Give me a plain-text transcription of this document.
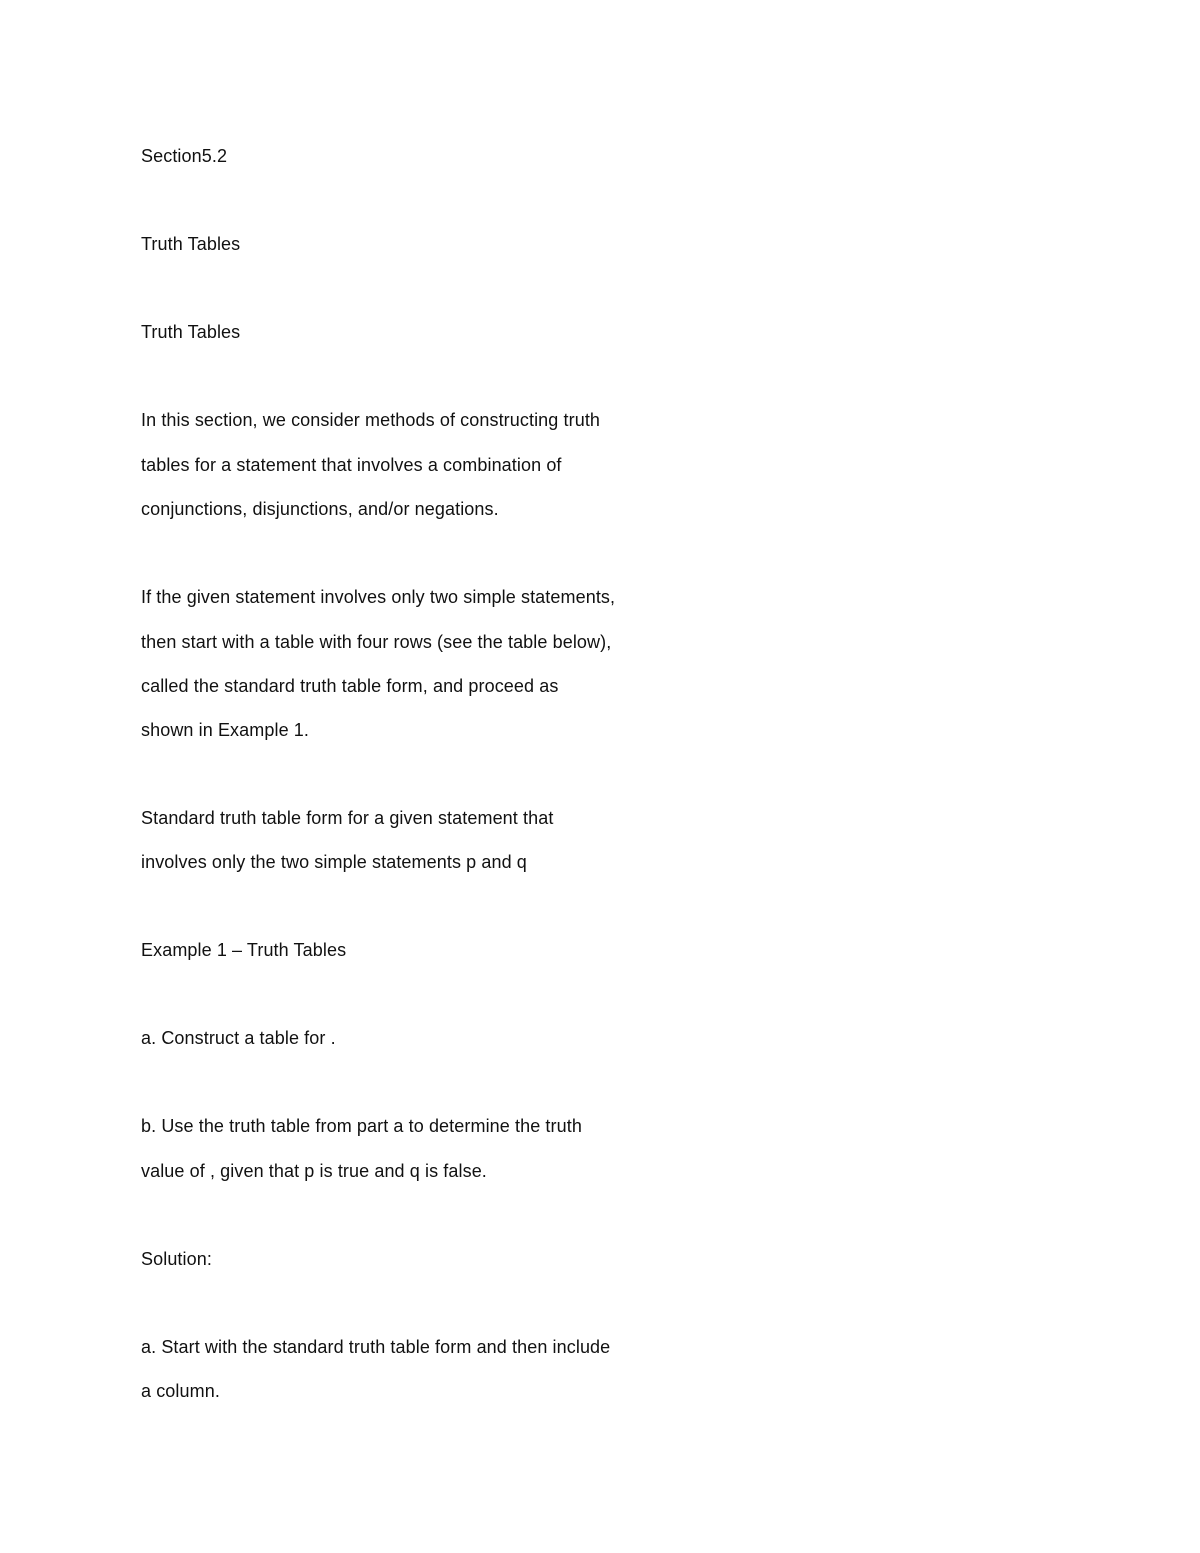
Section5.2
Truth Tables
Truth Tables
In this section, we consider methods of constructing truth
tables for a statement that involves a combination of
conjunctions, disjunctions, and/or negations.
If the given statement involves only two simple statements,
then start with a table with four rows (see the table below),
called the standard truth table form, and proceed as
shown in Example 1.
Standard truth table form for a given statement that
involves only the two simple statements p and q
Example 1 – Truth Tables
a. Construct a table for .
b. Use the truth table from part a to determine the truth
value of , given that p is true and q is false.
Solution:
a. Start with the standard truth table form and then include
a column.
